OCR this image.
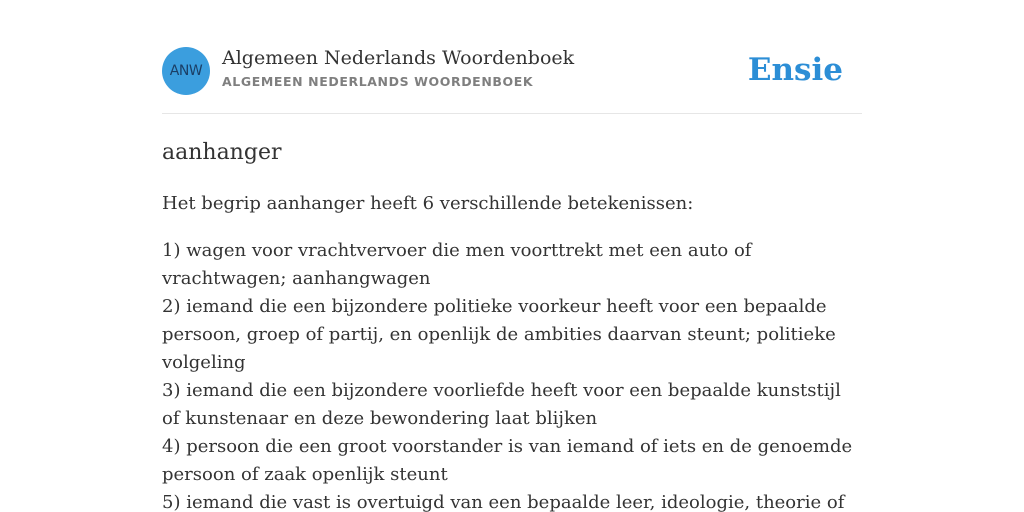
ANW
Algemeen Nederlands Woordenboek
ALGEMEEN NEDERLANDS WOORDENBOEK	Ensie
aanhanger

Het begrip aanhanger heeft 6 verschillende betekenissen:

1) wagen voor vrachtvervoer die men voorttrekt met een auto of vrachtwagen; aanhangwagen
2) iemand die een bijzondere politieke voorkeur heeft voor een bepaalde persoon, groep of partij, en openlijk de ambities daarvan steunt; politieke volgeling
3) iemand die een bijzondere voorliefde heeft voor een bepaalde kunststijl of kunstenaar en deze bewondering laat blijken
4) persoon die een groot voorstander is van iemand of iets en de genoemde persoon of zaak openlijk steunt
5) iemand die vast is overtuigd van een bepaalde leer, ideologie, theorie of
